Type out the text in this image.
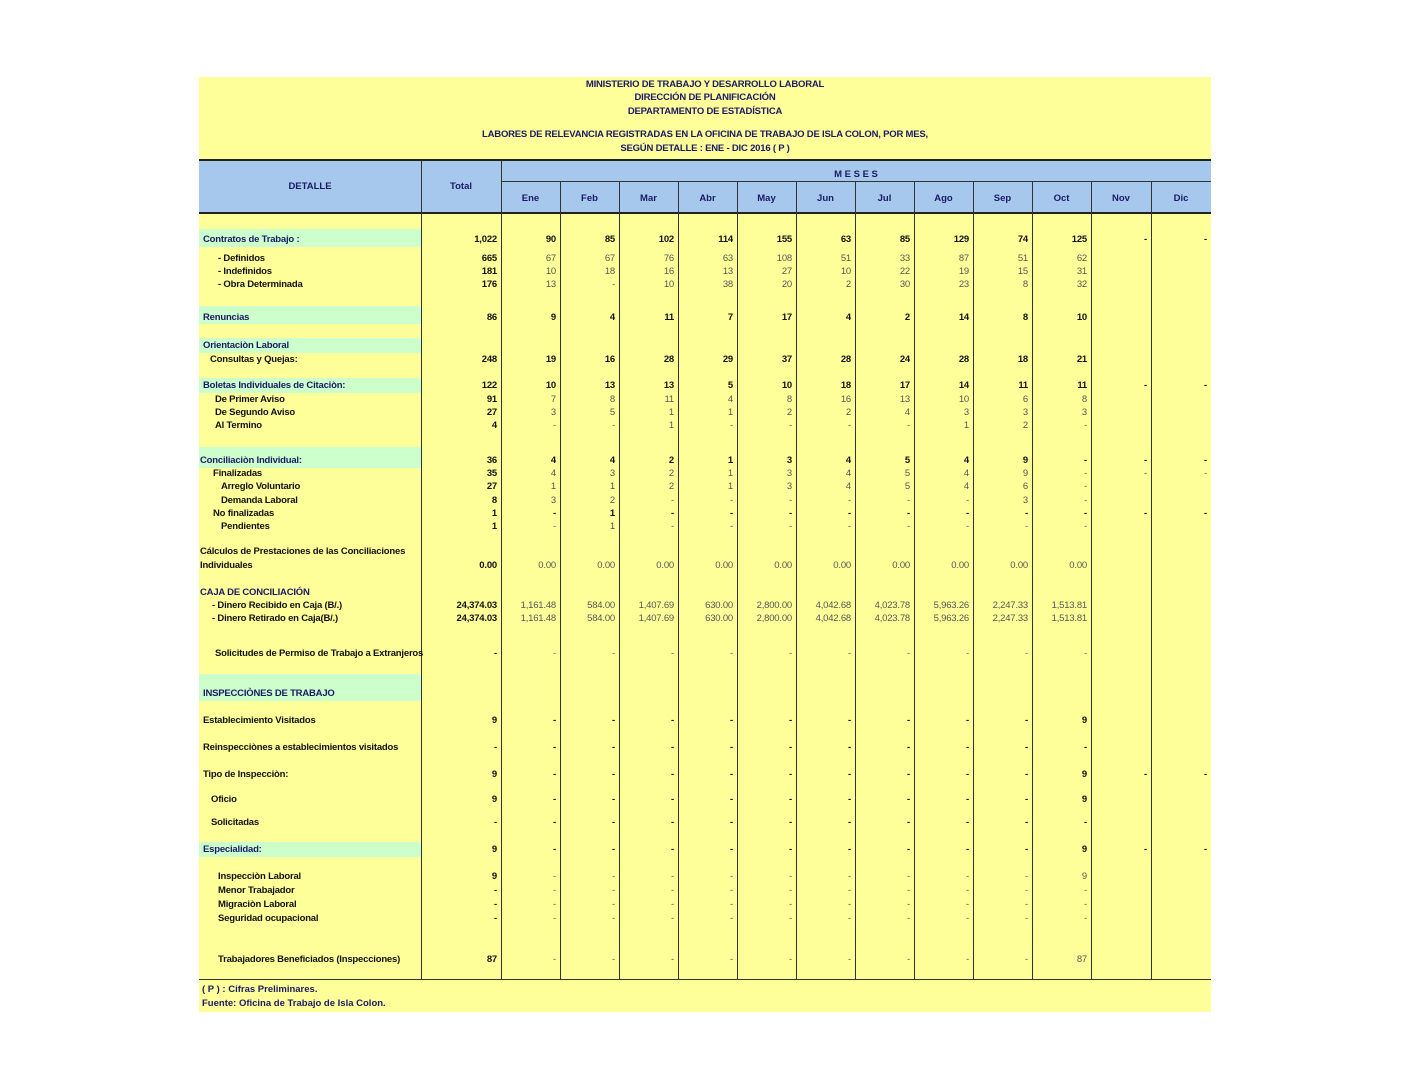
MINISTERIO DE TRABAJO Y DESARROLLO LABORAL
DIRECCIÓN DE PLANIFICACIÓN
DEPARTAMENTO DE ESTADÍSTICA
LABORES DE RELEVANCIA REGISTRADAS EN LA OFICINA DE TRABAJO DE ISLA COLON, POR MES,
SEGÚN DETALLE : ENE - DIC 2016 ( P )
DETALLE	Total
M E S E S
Ene	Feb	Mar	Abr	May	Jun	Jul	Ago	Sep	Oct	Nov	Dic
Contratos de Trabajo :	1,022	90	85	102	114	155	63	85	129	74	125	-	-
- Definidos	665	67	67	76	63	108	51	33	87	51	62
- Indefinidos	181	10	18	16	13	27	10	22	19	15	31
- Obra Determinada	176	13	-	10	38	20	2	30	23	8	32
Renuncias	86	9	4	11	7	17	4	2	14	8	10
Orientaciòn Laboral
Consultas y Quejas:	248	19	16	28	29	37	28	24	28	18	21
Boletas Individuales de Citaciòn:	122	10	13	13	5	10	18	17	14	11	11	-	-
De Primer Aviso	91	7	8	11	4	8	16	13	10	6	8
De Segundo Aviso	27	3	5	1	1	2	2	4	3	3	3
Al Termino	4	-	-	1	-	-	-	-	1	2	-
Conciliaciòn Individual:	36	4	4	2	1	3	4	5	4	9	-	-	-
Finalizadas	35	4	3	2	1	3	4	5	4	9	-	-	-
Arreglo Voluntario	27	1	1	2	1	3	4	5	4	6	-
Demanda Laboral	8	3	2	-	-	-	-	-	-	3	-
No finalizadas	1	-	1	-	-	-	-	-	-	-	-	-	-
Pendientes	1	-	1	-	-	-	-	-	-	-	-
Cálculos de Prestaciones de las Conciliaciones
Individuales	0.00	0.00	0.00	0.00	0.00	0.00	0.00	0.00	0.00	0.00	0.00
CAJA DE CONCILIACIÓN
- Dinero Recibido en Caja (B/.)	24,374.03	1,161.48	584.00	1,407.69	630.00	2,800.00	4,042.68	4,023.78	5,963.26	2,247.33	1,513.81
- Dinero Retirado en Caja(B/.)	24,374.03	1,161.48	584.00	1,407.69	630.00	2,800.00	4,042.68	4,023.78	5,963.26	2,247.33	1,513.81
Solicitudes de Permiso de Trabajo a Extranjeros	-	-	-	-	-	-	-	-	-	-	-
INSPECCIÒNES DE TRABAJO
Establecimiento Visitados	9	-	-	-	-	-	-	-	-	-	9
Reinspecciònes a establecimientos visitados	-	-	-	-	-	-	-	-	-	-	-
Tipo de Inspecciòn:	9	-	-	-	-	-	-	-	-	-	9	-	-
Oficio	9	-	-	-	-	-	-	-	-	-	9
Solicitadas	-	-	-	-	-	-	-	-	-	-	-
Especialidad:	9	-	-	-	-	-	-	-	-	-	9	-	-
Inspecciòn Laboral	9	-	-	-	-	-	-	-	-	-	9
Menor Trabajador	-	-	-	-	-	-	-	-	-	-	-
Migraciòn Laboral	-	-	-	-	-	-	-	-	-	-	-
Seguridad ocupacional	-	-	-	-	-	-	-	-	-	-	-
Trabajadores Beneficiados (Inspecciones)	87	-	-	-	-	-	-	-	-	-	87
( P ) : Cifras Preliminares.
Fuente: Oficina de Trabajo de Isla Colon.
